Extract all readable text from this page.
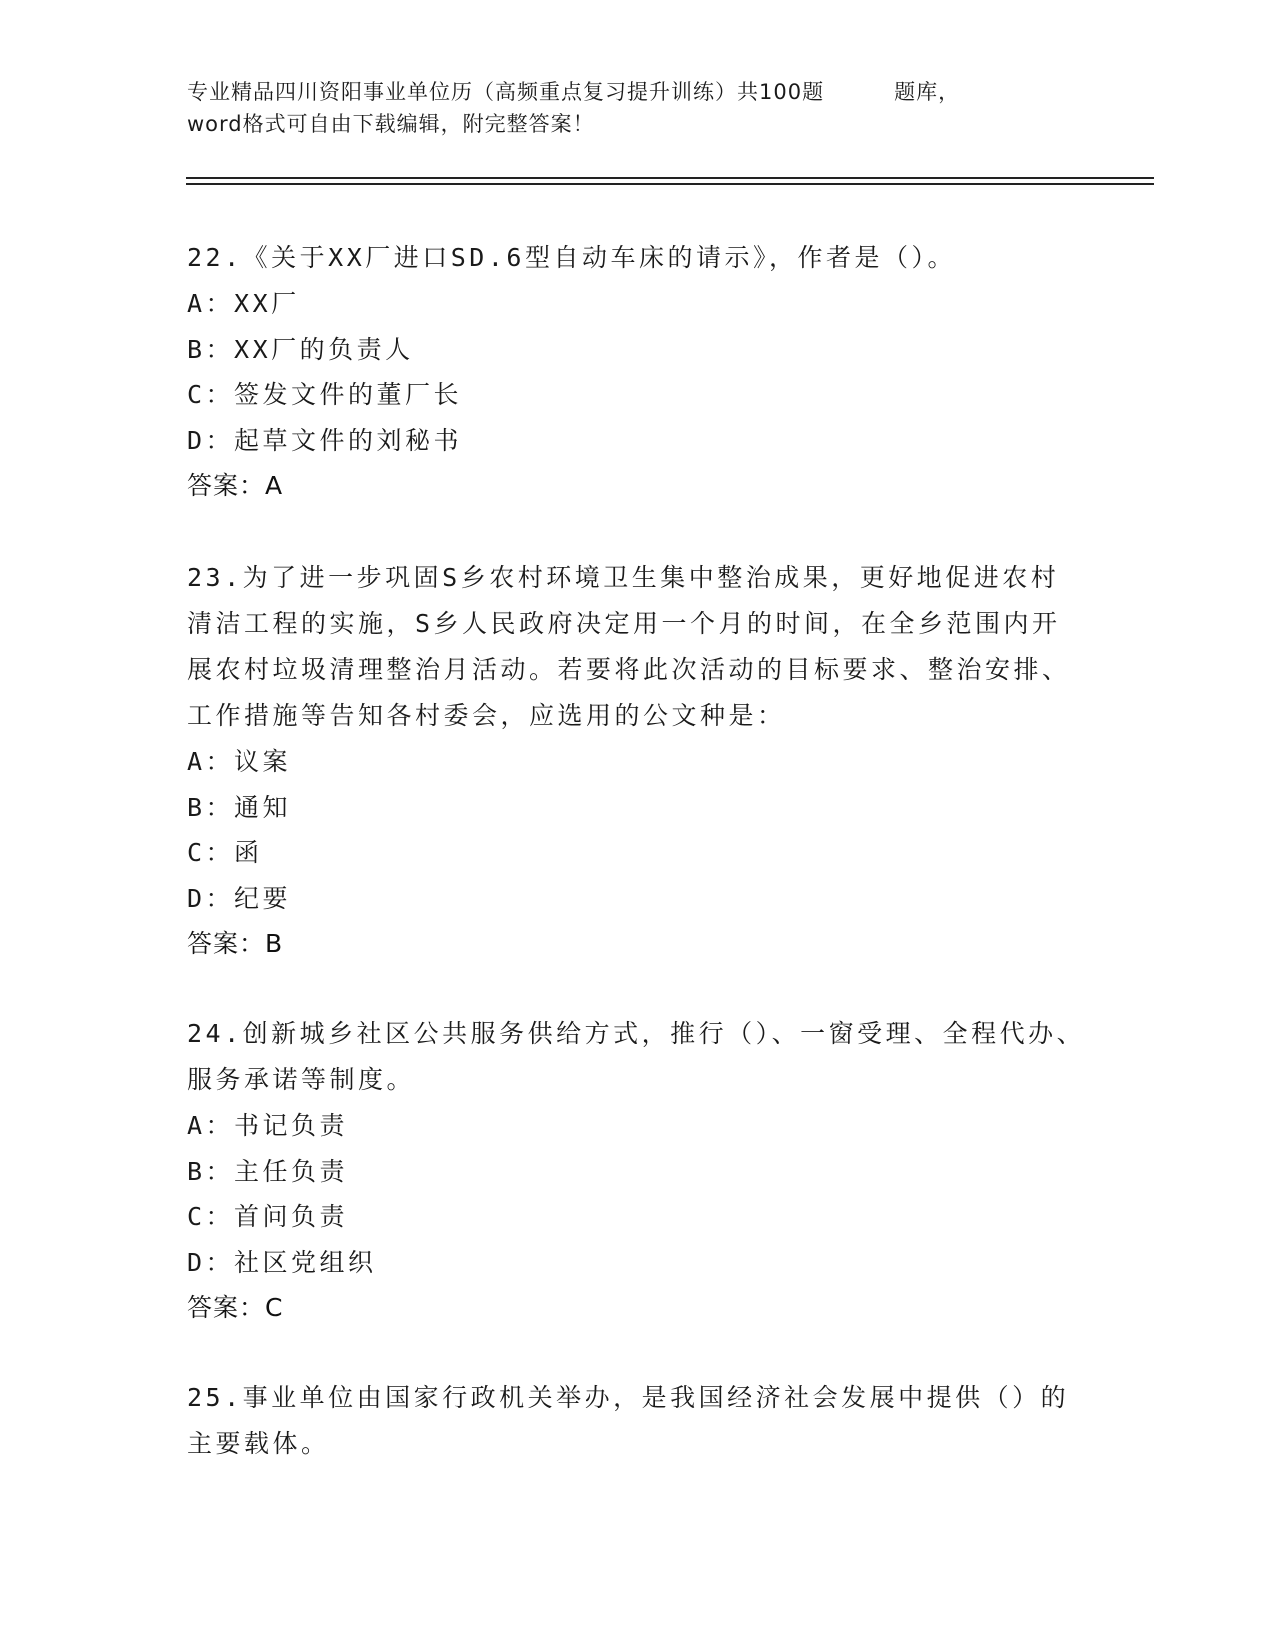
专业精品四川资阳事业单位历（高频重点复习提升训练）共100题	题库，
word格式可自由下载编辑，附完整答案！

22.《关于XX厂进口SD.6型自动车床的请示》，作者是（）。

A：XX厂

B：XX厂的负责人

C：签发文件的董厂长

D：起草文件的刘秘书

答案：A

23.为了进一步巩固S乡农村环境卫生集中整治成果，更好地促进农村清洁工程的实施，S乡人民政府决定用一个月的时间，在全乡范围内开展农村垃圾清理整治月活动。若要将此次活动的目标要求、整治安排、工作措施等告知各村委会，应选用的公文种是：

A：议案

B：通知

C：函

D：纪要

答案：B

24.创新城乡社区公共服务供给方式，推行（）、一窗受理、全程代办、服务承诺等制度。

A：书记负责

B：主任负责

C：首问负责

D：社区党组织

答案：C

25.事业单位由国家行政机关举办，是我国经济社会发展中提供（）的主要载体。
